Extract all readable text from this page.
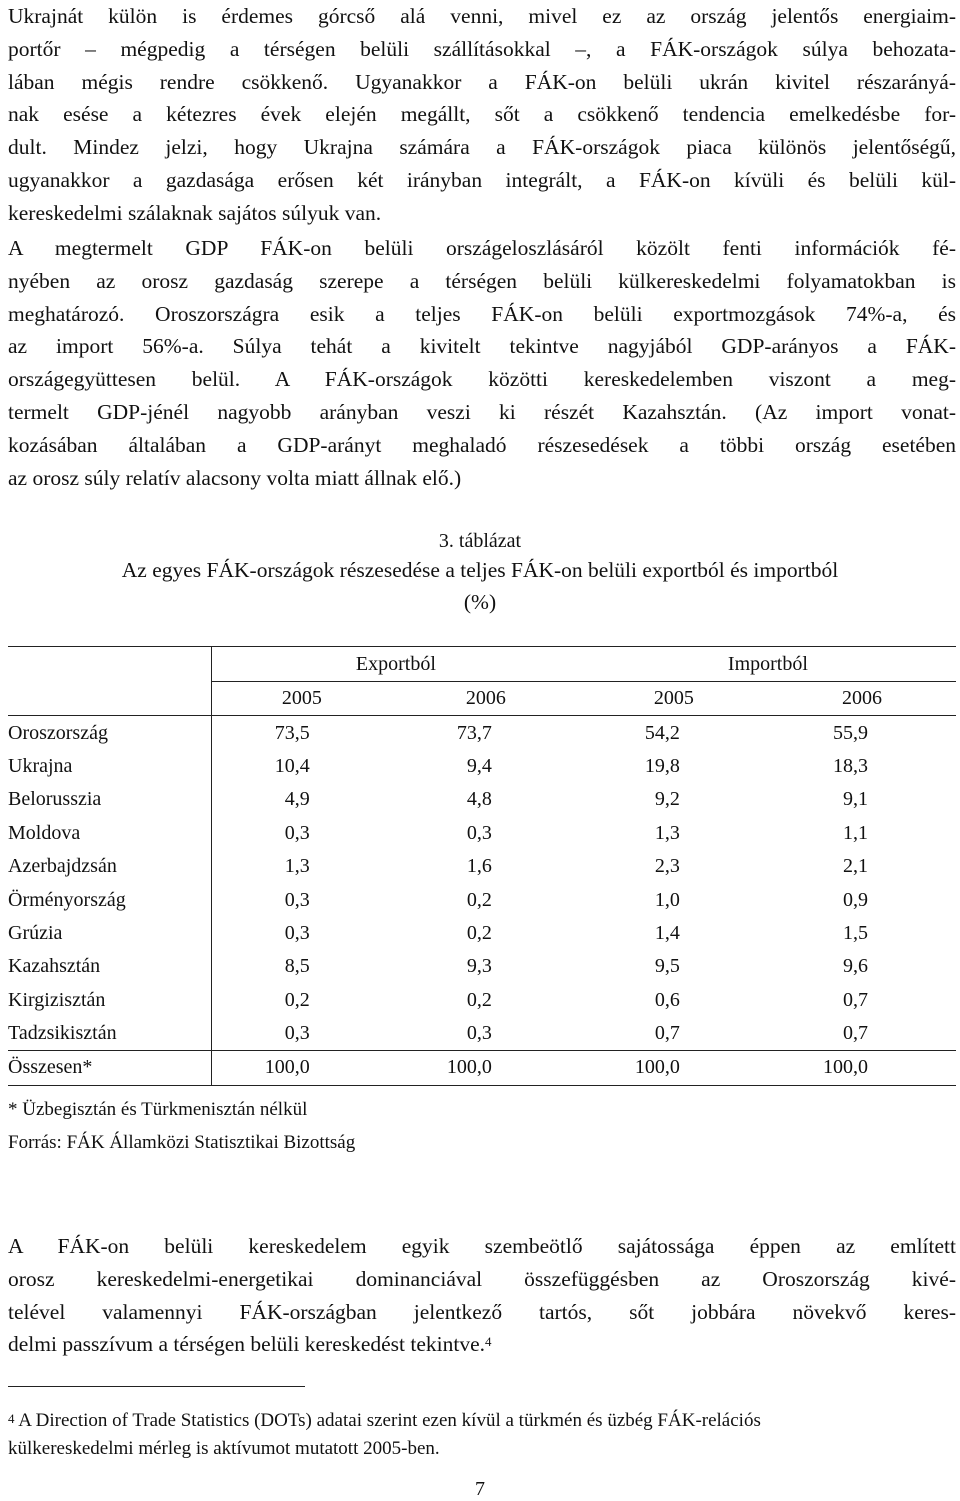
Ukrajnát külön is érdemes górcső alá venni, mivel ez az ország jelentős energiaim-
portőr – mégpedig a térségen belüli szállításokkal –, a FÁK-országok súlya behozata-
lában mégis rendre csökkenő. Ugyanakkor a FÁK-on belüli ukrán kivitel részarányá-
nak esése a kétezres évek elején megállt, sőt a csökkenő tendencia emelkedésbe for-
dult. Mindez jelzi, hogy Ukrajna számára a FÁK-országok piaca különös jelentőségű,
ugyanakkor a gazdasága erősen két irányban integrált, a FÁK-on kívüli és belüli kül-
kereskedelmi szálaknak sajátos súlyuk van.
A megtermelt GDP FÁK-on belüli országeloszlásáról közölt fenti információk fé-
nyében az orosz gazdaság szerepe a térségen belüli külkereskedelmi folyamatokban is
meghatározó. Oroszországra esik a teljes FÁK-on belüli exportmozgások 74%-a, és
az import 56%-a. Súlya tehát a kivitelt tekintve nagyjából GDP-arányos a FÁK-
országegyüttesen belül. A FÁK-országok közötti kereskedelemben viszont a meg-
termelt GDP-jénél nagyobb arányban veszi ki részét Kazahsztán. (Az import vonat-
kozásában általában a GDP-arányt meghaladó részesedések a többi ország esetében
az orosz súly relatív alacsony volta miatt állnak elő.)
3. táblázat
Az egyes FÁK-országok részesedése a teljes FÁK-on belüli exportból és importból
(%)
	Exportból		Importból	
	2005	2006	2005	2006
Oroszország	73,5	73,7	54,2	55,9
Ukrajna	10,4	9,4	19,8	18,3
Belorusszia	4,9	4,8	9,2	9,1
Moldova	0,3	0,3	1,3	1,1
Azerbajdzsán	1,3	1,6	2,3	2,1
Örményország	0,3	0,2	1,0	0,9
Grúzia	0,3	0,2	1,4	1,5
Kazahsztán	8,5	9,3	9,5	9,6
Kirgizisztán	0,2	0,2	0,6	0,7
Tadzsikisztán	0,3	0,3	0,7	0,7
Összesen*	100,0	100,0	100,0	100,0
* Üzbegisztán és Türkmenisztán nélkül
Forrás: FÁK Államközi Statisztikai Bizottság
A FÁK-on belüli kereskedelem egyik szembeötlő sajátossága éppen az említett
orosz kereskedelmi-energetikai dominanciával összefüggésben az Oroszország kivé-
telével valamennyi FÁK-országban jelentkező tartós, sőt jobbára növekvő keres-
delmi passzívum a térségen belüli kereskedést tekintve.$^4$
$^4$ A Direction of Trade Statistics (DOTs) adatai szerint ezen kívül a türkmén és üzbég FÁK-relációs
külkereskedelmi mérleg is aktívumot mutatott 2005-ben.
7
